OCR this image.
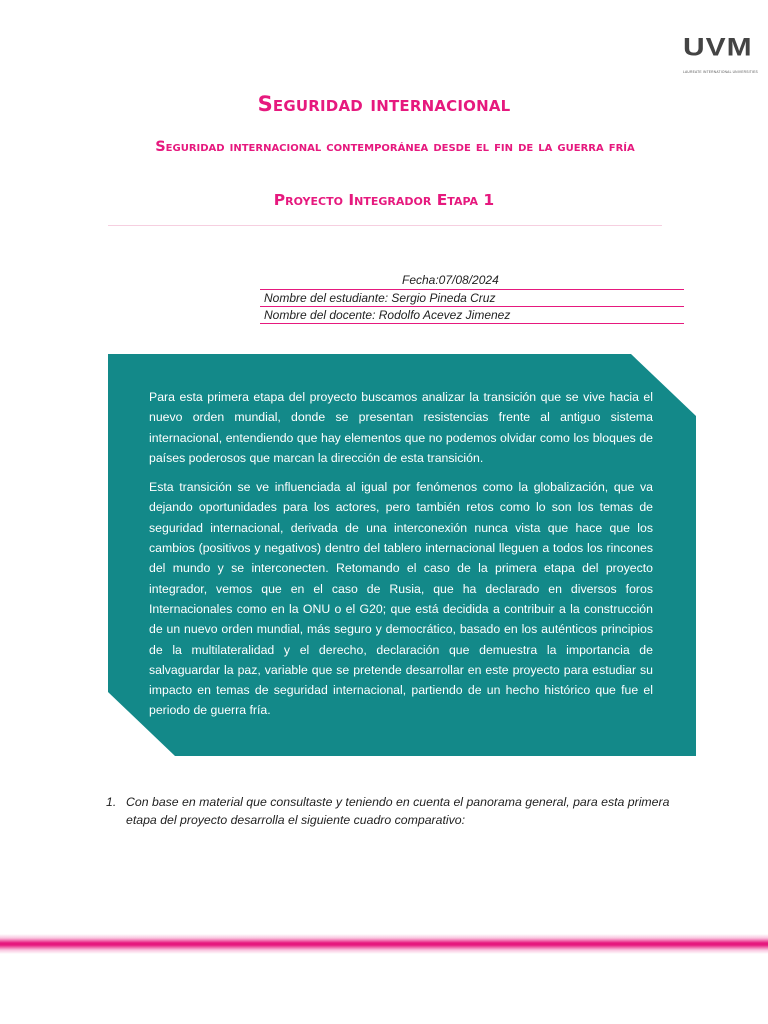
UVM
LAUREATE INTERNATIONAL UNIVERSITIES
Seguridad internacional
Seguridad internacional contemporánea desde el fin de la guerra fría
Proyecto Integrador Etapa 1
Fecha:07/08/2024
Nombre del estudiante: Sergio Pineda Cruz
Nombre del docente: Rodolfo Acevez Jimenez

Para esta primera etapa del proyecto buscamos analizar la transición que se vive hacia el nuevo orden mundial, donde se presentan resistencias frente al antiguo sistema internacional, entendiendo que hay elementos que no podemos olvidar como los bloques de países poderosos que marcan la dirección de esta transición.

Esta transición se ve influenciada al igual por fenómenos como la globalización, que va dejando oportunidades para los actores, pero también retos como lo son los temas de seguridad internacional, derivada de una interconexión nunca vista que hace que los cambios (positivos y negativos) dentro del tablero internacional lleguen a todos los rincones del mundo y se interconecten. Retomando el caso de la primera etapa del proyecto integrador, vemos que en el caso de Rusia, que ha declarado en diversos foros Internacionales como en la ONU o el G20; que está decidida a contribuir a la construcción de un nuevo orden mundial, más seguro y democrático, basado en los auténticos principios de la multilateralidad y el derecho, declaración que demuestra la importancia de salvaguardar la paz, variable que se pretende desarrollar en este proyecto para estudiar su impacto en temas de seguridad internacional, partiendo de un hecho histórico que fue el periodo de guerra fría.

1. Con base en material que consultaste y teniendo en cuenta el panorama general, para esta primera etapa del proyecto desarrolla el siguiente cuadro comparativo:
